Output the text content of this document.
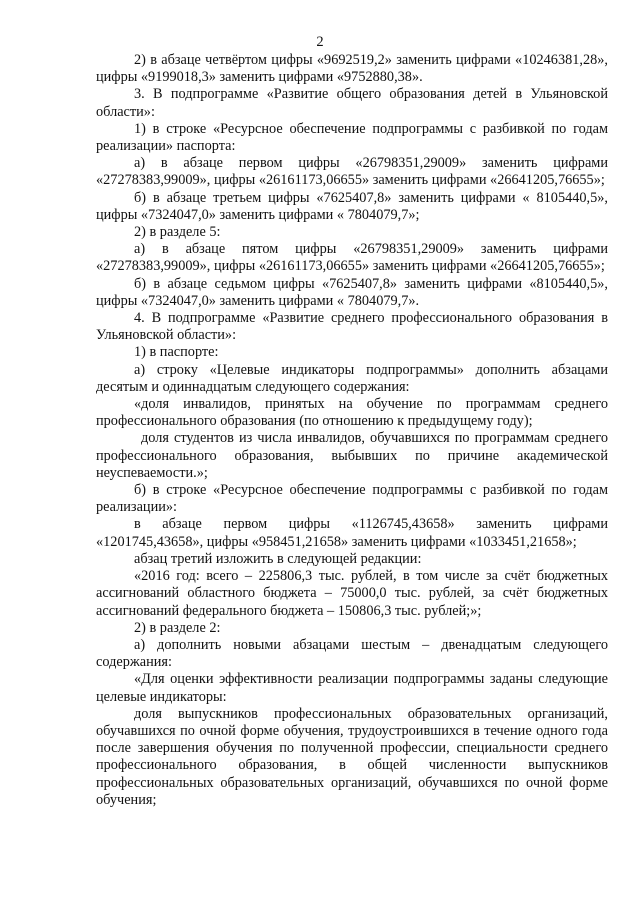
2

2) в абзаце четвёртом цифры «9692519,2» заменить цифрами «10246381,28», цифры «9199018,3» заменить цифрами «9752880,38».

3. В подпрограмме «Развитие общего образования детей в Ульяновской области»:

1) в строке «Ресурсное обеспечение подпрограммы с разбивкой по годам реализации» паспорта:

а) в абзаце первом цифры «26798351,29009» заменить цифрами «27278383,99009», цифры «26161173,06655» заменить цифрами «26641205,76655»;

б) в абзаце третьем цифры «7625407,8» заменить цифрами « 8105440,5», цифры «7324047,0» заменить цифрами « 7804079,7»;

2) в разделе 5:

а) в абзаце пятом цифры «26798351,29009» заменить цифрами «27278383,99009», цифры «26161173,06655» заменить цифрами «26641205,76655»;

б) в абзаце седьмом цифры «7625407,8» заменить цифрами «8105440,5», цифры «7324047,0» заменить цифрами « 7804079,7».

4. В подпрограмме «Развитие среднего профессионального образования в Ульяновской области»:

1) в паспорте:

а) строку «Целевые индикаторы подпрограммы» дополнить абзацами десятым и одиннадцатым следующего содержания:

«доля инвалидов, принятых на обучение по программам среднего профессионального образования (по отношению к предыдущему году);

доля студентов из числа инвалидов, обучавшихся по программам среднего профессионального образования, выбывших по причине академической неуспеваемости.»;

б) в строке «Ресурсное обеспечение подпрограммы с разбивкой по годам реализации»:

в абзаце первом цифры «1126745,43658» заменить цифрами «1201745,43658», цифры «958451,21658» заменить цифрами «1033451,21658»;

абзац третий изложить в следующей редакции:

«2016 год: всего – 225806,3 тыс. рублей, в том числе за счёт бюджетных ассигнований областного бюджета – 75000,0 тыс. рублей, за счёт бюджетных ассигнований федерального бюджета – 150806,3 тыс. рублей;»;

2) в разделе 2:

а) дополнить новыми абзацами шестым – двенадцатым следующего содержания:

«Для оценки эффективности реализации подпрограммы заданы следующие целевые индикаторы:

доля выпускников профессиональных образовательных организаций, обучавшихся по очной форме обучения, трудоустроившихся в течение одного года после завершения обучения по полученной профессии, специальности среднего профессионального образования, в общей численности выпускников профессиональных образовательных организаций, обучавшихся по очной форме обучения;
